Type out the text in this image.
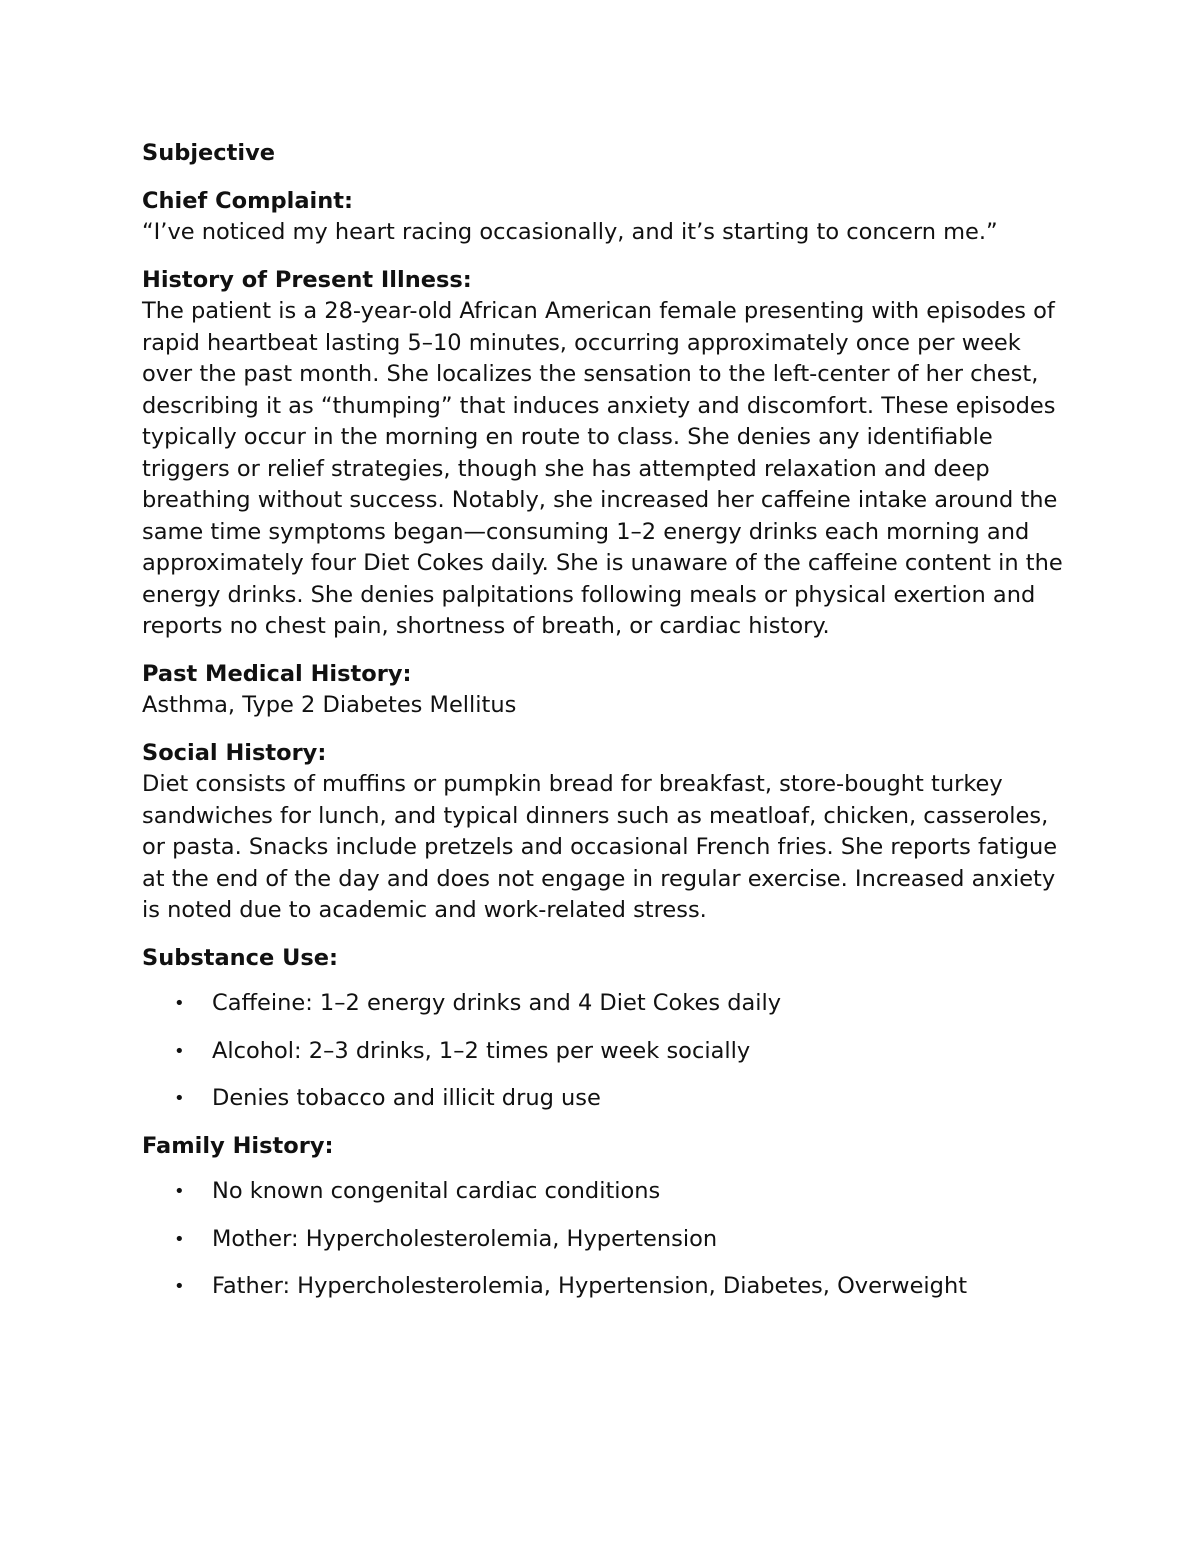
Subjective

Chief Complaint:

“I’ve noticed my heart racing occasionally, and it’s starting to concern me.”

History of Present Illness:

The patient is a 28-year-old African American female presenting with episodes of rapid heartbeat lasting 5–10 minutes, occurring approximately once per week over the past month. She localizes the sensation to the left-center of her chest, describing it as “thumping” that induces anxiety and discomfort. These episodes typically occur in the morning en route to class. She denies any identifiable triggers or relief strategies, though she has attempted relaxation and deep breathing without success. Notably, she increased her caffeine intake around the same time symptoms began—consuming 1–2 energy drinks each morning and approximately four Diet Cokes daily. She is unaware of the caffeine content in the energy drinks. She denies palpitations following meals or physical exertion and reports no chest pain, shortness of breath, or cardiac history.

Past Medical History:

Asthma, Type 2 Diabetes Mellitus

Social History:

Diet consists of muffins or pumpkin bread for breakfast, store-bought turkey sandwiches for lunch, and typical dinners such as meatloaf, chicken, casseroles, or pasta. Snacks include pretzels and occasional French fries. She reports fatigue at the end of the day and does not engage in regular exercise. Increased anxiety is noted due to academic and work-related stress.

Substance Use:

• Caffeine: 1–2 energy drinks and 4 Diet Cokes daily
• Alcohol: 2–3 drinks, 1–2 times per week socially
• Denies tobacco and illicit drug use

Family History:

• No known congenital cardiac conditions
• Mother: Hypercholesterolemia, Hypertension
• Father: Hypercholesterolemia, Hypertension, Diabetes, Overweight
